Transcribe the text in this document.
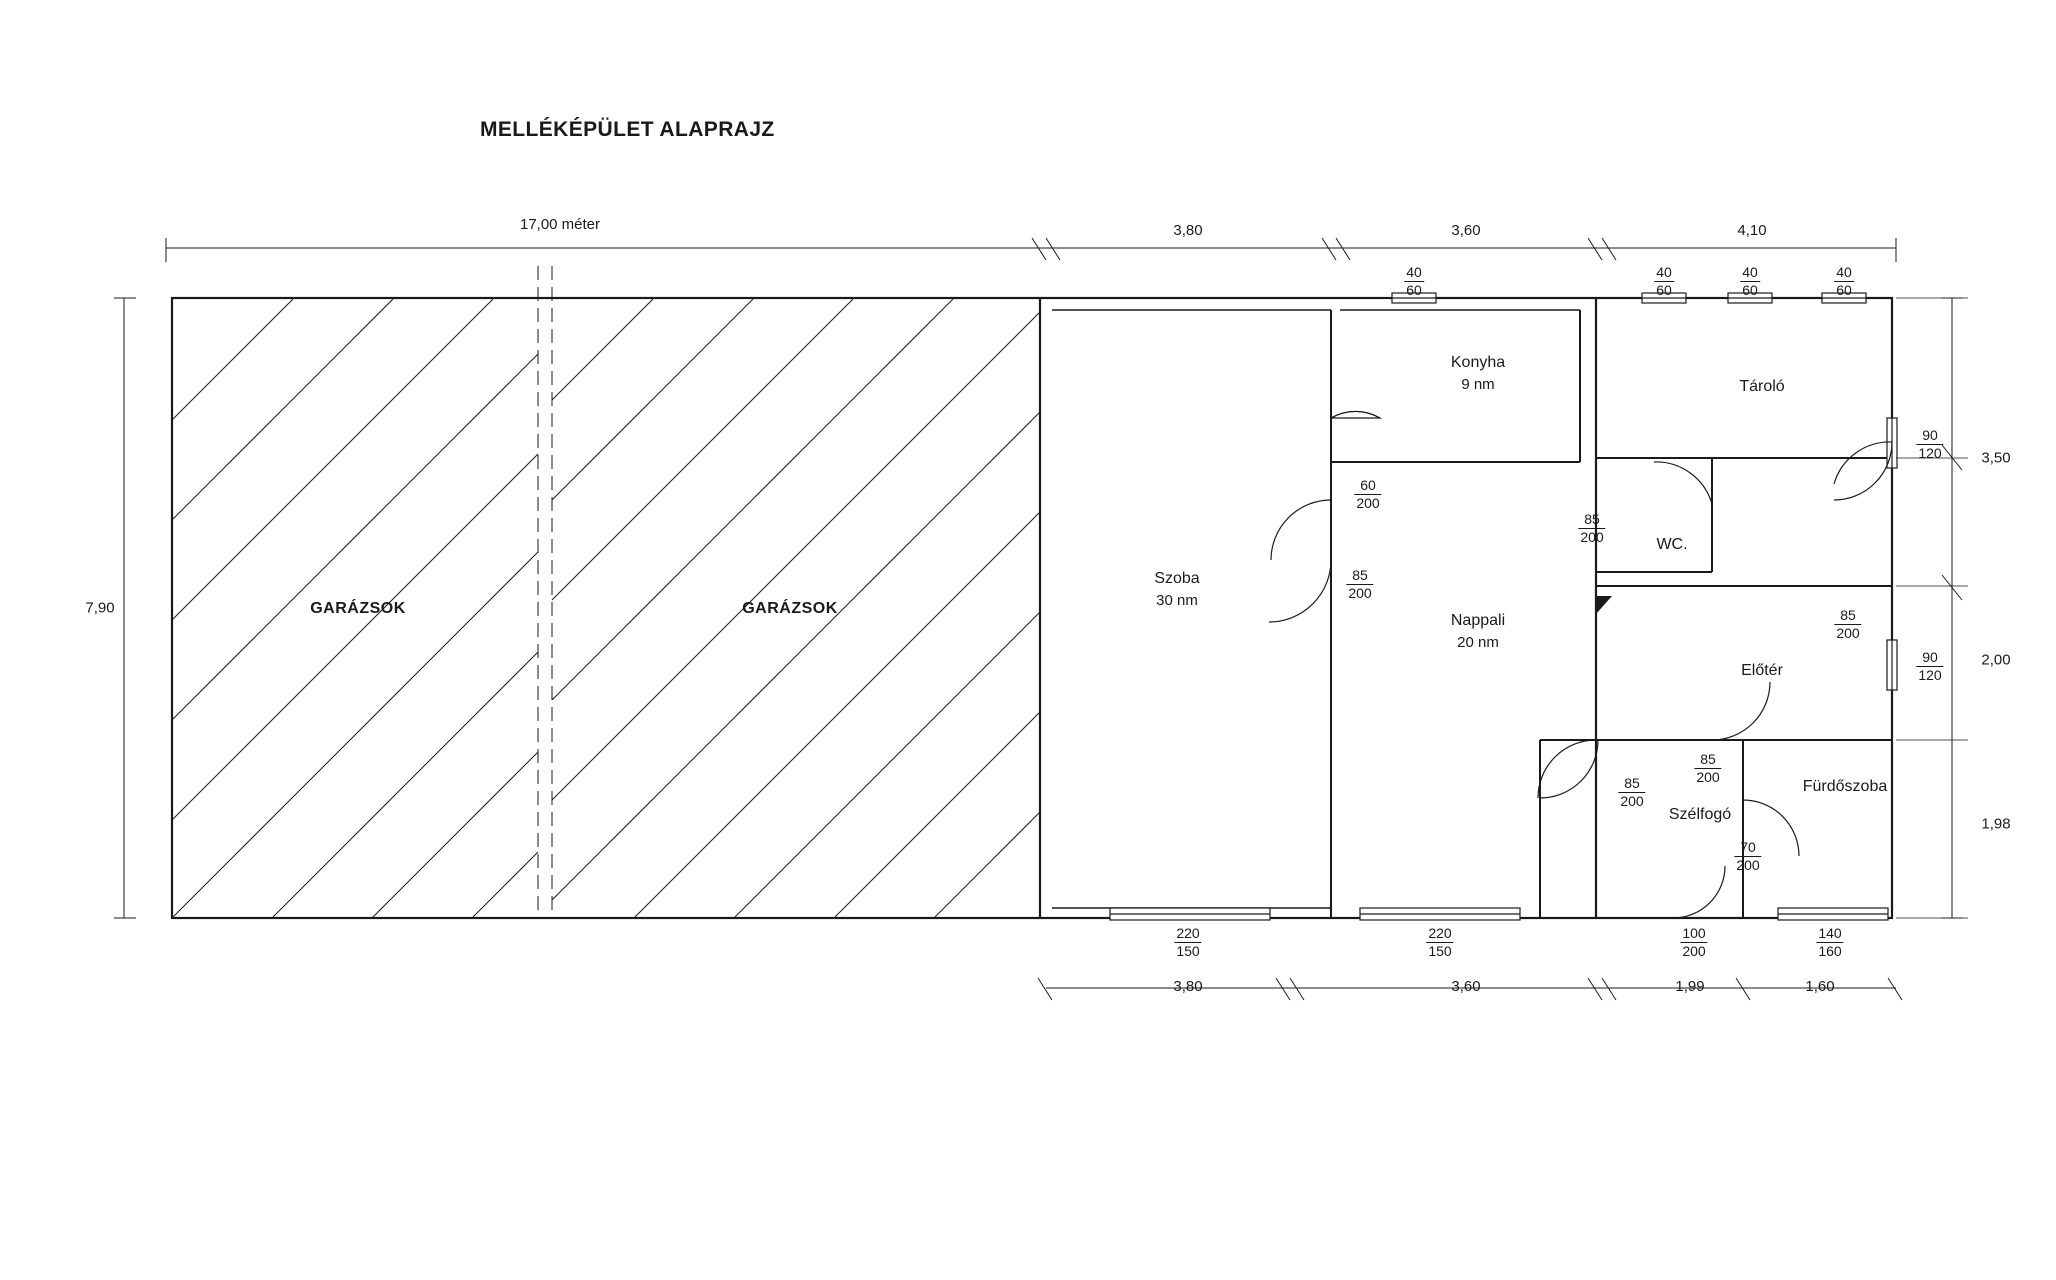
MELLÉKÉPÜLET ALAPRAJZ
17,00 méter
7,90
3,80	3,60	4,10
3,80	3,60	1,99	1,60
3,50
2,00
1,98
GARÁZSOK	GARÁZSOK
Szoba
30 nm
Konyha
9 nm
Nappali
20 nm
Tároló
WC.
Előtér
Szélfogó
Fürdőszoba
$\frac{40}{60}$	$\frac{40}{60}$	$\frac{40}{60}$	$\frac{40}{60}$
$\frac{90}{120}$
$\frac{90}{120}$
$\frac{60}{200}$
$\frac{85}{200}$
$\frac{85}{200}$
$\frac{85}{200}$
$\frac{85}{200}$
$\frac{85}{200}$
$\frac{70}{200}$
$\frac{220}{150}$	$\frac{220}{150}$	$\frac{100}{200}$	$\frac{140}{160}$
